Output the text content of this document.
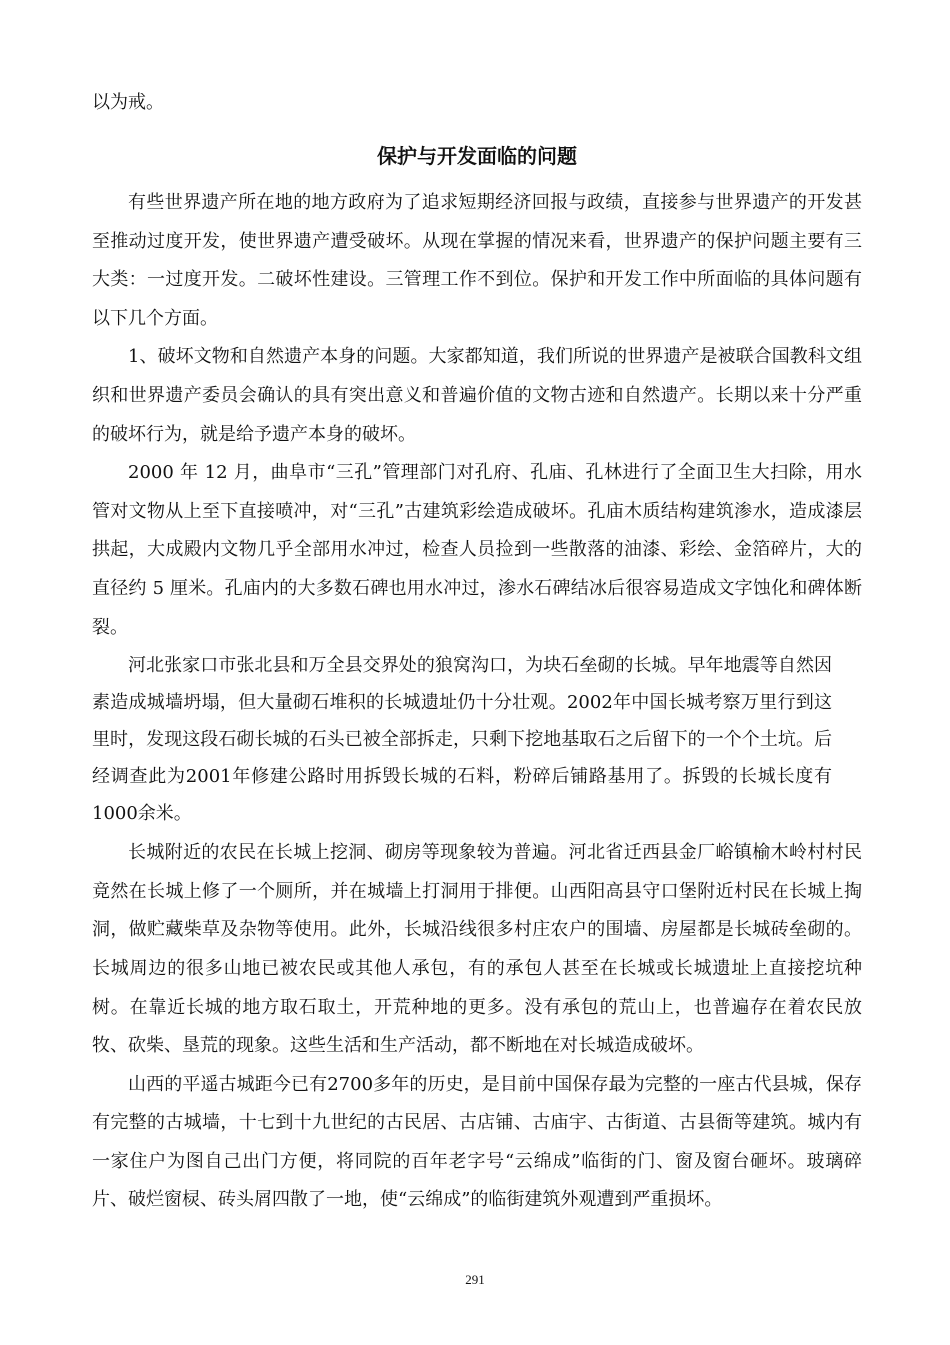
以为戒。

保护与开发面临的问题

有些世界遗产所在地的地方政府为了追求短期经济回报与政绩，直接参与世界遗产的开发甚至推动过度开发，使世界遗产遭受破坏。从现在掌握的情况来看，世界遗产的保护问题主要有三大类：一过度开发。二破坏性建设。三管理工作不到位。保护和开发工作中所面临的具体问题有以下几个方面。

1、破坏文物和自然遗产本身的问题。大家都知道，我们所说的世界遗产是被联合国教科文组织和世界遗产委员会确认的具有突出意义和普遍价值的文物古迹和自然遗产。长期以来十分严重的破坏行为，就是给予遗产本身的破坏。

2000 年 12 月，曲阜市“三孔”管理部门对孔府、孔庙、孔林进行了全面卫生大扫除，用水管对文物从上至下直接喷冲，对“三孔”古建筑彩绘造成破坏。孔庙木质结构建筑渗水，造成漆层拱起，大成殿内文物几乎全部用水冲过，检查人员捡到一些散落的油漆、彩绘、金箔碎片，大的直径约 5 厘米。孔庙内的大多数石碑也用水冲过，渗水石碑结冰后很容易造成文字蚀化和碑体断裂。

河北张家口市张北县和万全县交界处的狼窝沟口，为块石垒砌的长城。早年地震等自然因素造成城墙坍塌，但大量砌石堆积的长城遗址仍十分壮观。2002年中国长城考察万里行到这里时，发现这段石砌长城的石头已被全部拆走，只剩下挖地基取石之后留下的一个个土坑。后经调查此为2001年修建公路时用拆毁长城的石料，粉碎后铺路基用了。拆毁的长城长度有1000余米。

长城附近的农民在长城上挖洞、砌房等现象较为普遍。河北省迁西县金厂峪镇榆木岭村村民竟然在长城上修了一个厕所，并在城墙上打洞用于排便。山西阳高县守口堡附近村民在长城上掏洞，做贮藏柴草及杂物等使用。此外，长城沿线很多村庄农户的围墙、房屋都是长城砖垒砌的。长城周边的很多山地已被农民或其他人承包，有的承包人甚至在长城或长城遗址上直接挖坑种树。在靠近长城的地方取石取土，开荒种地的更多。没有承包的荒山上，也普遍存在着农民放牧、砍柴、垦荒的现象。这些生活和生产活动，都不断地在对长城造成破坏。

山西的平遥古城距今已有2700多年的历史，是目前中国保存最为完整的一座古代县城，保存有完整的古城墙，十七到十九世纪的古民居、古店铺、古庙宇、古街道、古县衙等建筑。城内有一家住户为图自己出门方便，将同院的百年老字号“云绵成”临街的门、窗及窗台砸坏。玻璃碎片、破烂窗棂、砖头屑四散了一地，使“云绵成”的临街建筑外观遭到严重损坏。

291
